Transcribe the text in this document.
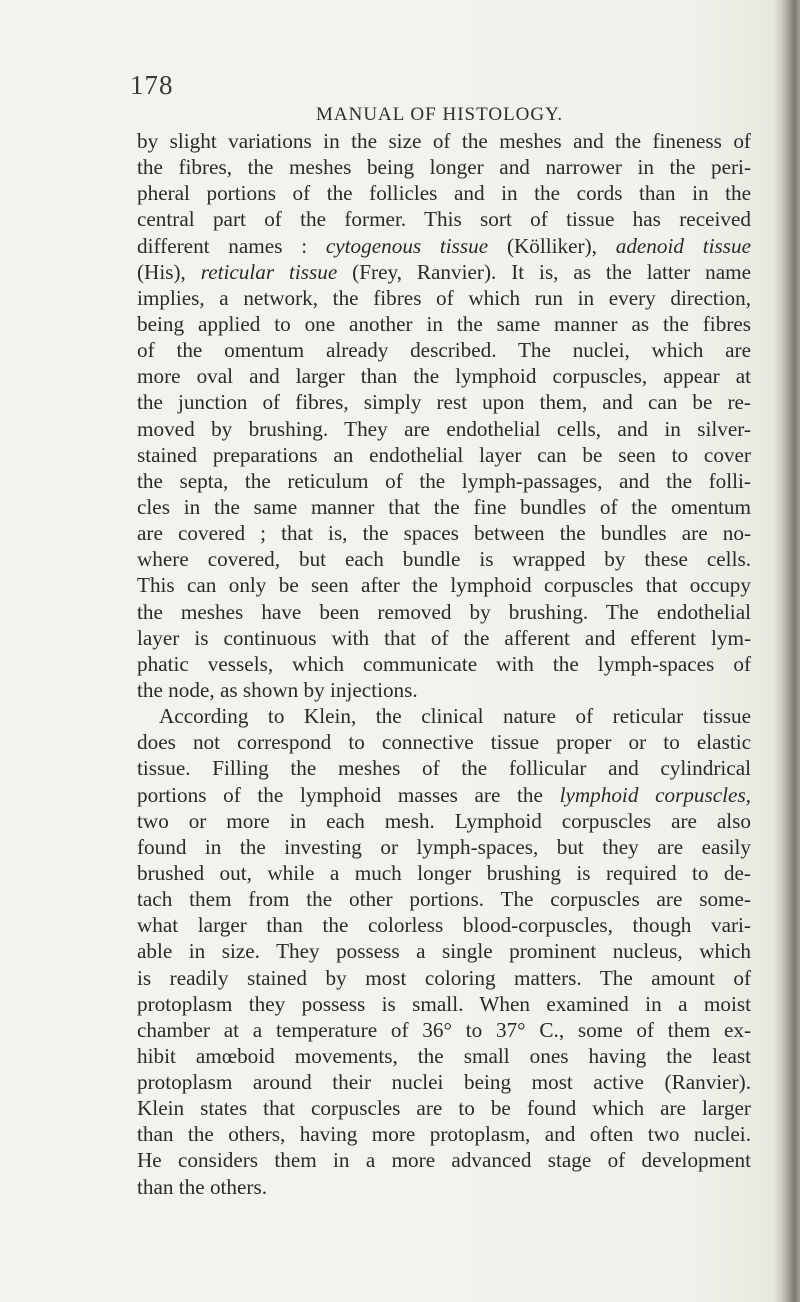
178
MANUAL OF HISTOLOGY.
by slight variations in the size of the meshes and the fineness of
the fibres, the meshes being longer and narrower in the peri-
pheral portions of the follicles and in the cords than in the
central part of the former. This sort of tissue has received
different names : cytogenous tissue (Kölliker), adenoid tissue
(His), reticular tissue (Frey, Ranvier). It is, as the latter name
implies, a network, the fibres of which run in every direction,
being applied to one another in the same manner as the fibres
of the omentum already described. The nuclei, which are
more oval and larger than the lymphoid corpuscles, appear at
the junction of fibres, simply rest upon them, and can be re-
moved by brushing. They are endothelial cells, and in silver-
stained preparations an endothelial layer can be seen to cover
the septa, the reticulum of the lymph-passages, and the folli-
cles in the same manner that the fine bundles of the omentum
are covered ; that is, the spaces between the bundles are no-
where covered, but each bundle is wrapped by these cells.
This can only be seen after the lymphoid corpuscles that occupy
the meshes have been removed by brushing. The endothelial
layer is continuous with that of the afferent and efferent lym-
phatic vessels, which communicate with the lymph-spaces of
the node, as shown by injections.
According to Klein, the clinical nature of reticular tissue
does not correspond to connective tissue proper or to elastic
tissue. Filling the meshes of the follicular and cylindrical
portions of the lymphoid masses are the lymphoid corpuscles,
two or more in each mesh. Lymphoid corpuscles are also
found in the investing or lymph-spaces, but they are easily
brushed out, while a much longer brushing is required to de-
tach them from the other portions. The corpuscles are some-
what larger than the colorless blood-corpuscles, though vari-
able in size. They possess a single prominent nucleus, which
is readily stained by most coloring matters. The amount of
protoplasm they possess is small. When examined in a moist
chamber at a temperature of 36° to 37° C., some of them ex-
hibit amœboid movements, the small ones having the least
protoplasm around their nuclei being most active (Ranvier).
Klein states that corpuscles are to be found which are larger
than the others, having more protoplasm, and often two nuclei.
He considers them in a more advanced stage of development
than the others.
